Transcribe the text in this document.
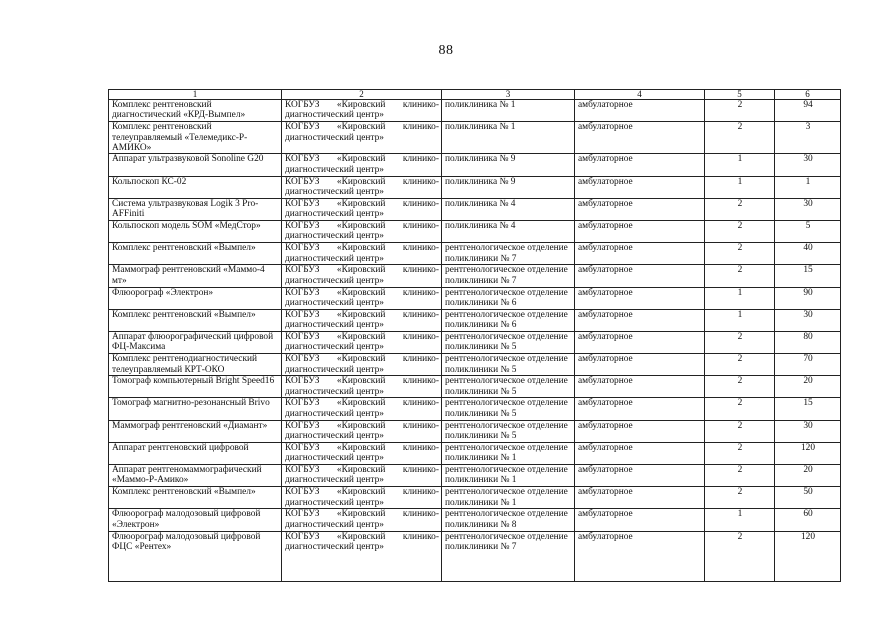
88
1	2	3	4	5	6
Комплекс рентгеновский диагностический «КРД-Вымпел»	КОГБУЗ «Кировский клинико-диагностический центр»	поликлиника № 1	амбулаторное	2	94
Комплекс рентгеновский телеуправляемый «Телемедикс-Р-АМИКО»	КОГБУЗ «Кировский клинико-диагностический центр»	поликлиника № 1	амбулаторное	2	3
Аппарат ультразвуковой Sonoline G20	КОГБУЗ «Кировский клинико-диагностический центр»	поликлиника № 9	амбулаторное	1	30
Кольпоскоп КС-02	КОГБУЗ «Кировский клинико-диагностический центр»	поликлиника № 9	амбулаторное	1	1
Система ультразвуковая Logik 3 Pro-AFFiniti	КОГБУЗ «Кировский клинико-диагностический центр»	поликлиника № 4	амбулаторное	2	30
Кольпоскоп модель SOM «МедСтор»	КОГБУЗ «Кировский клинико-диагностический центр»	поликлиника № 4	амбулаторное	2	5
Комплекс рентгеновский «Вымпел»	КОГБУЗ «Кировский клинико-диагностический центр»	рентгенологическое отделение поликлиники № 7	амбулаторное	2	40
Маммограф рентгеновский «Маммо-4 мт»	КОГБУЗ «Кировский клинико-диагностический центр»	рентгенологическое отделение поликлиники № 7	амбулаторное	2	15
Флюорограф «Электрон»	КОГБУЗ «Кировский клинико-диагностический центр»	рентгенологическое отделение поликлиники № 6	амбулаторное	1	90
Комплекс рентгеновский «Вымпел»	КОГБУЗ «Кировский клинико-диагностический центр»	рентгенологическое отделение поликлиники № 6	амбулаторное	1	30
Аппарат флюорографический цифровой ФЦ-Максима	КОГБУЗ «Кировский клинико-диагностический центр»	рентгенологическое отделение поликлиники № 5	амбулаторное	2	80
Комплекс рентгенодиагностический телеуправляемый КРТ-ОКО	КОГБУЗ «Кировский клинико-диагностический центр»	рентгенологическое отделение поликлиники № 5	амбулаторное	2	70
Томограф компьютерный Bright Speed16	КОГБУЗ «Кировский клинико-диагностический центр»	рентгенологическое отделение поликлиники № 5	амбулаторное	2	20
Томограф магнитно-резонансный Brivo	КОГБУЗ «Кировский клинико-диагностический центр»	рентгенологическое отделение поликлиники № 5	амбулаторное	2	15
Маммограф рентгеновский «Диамант»	КОГБУЗ «Кировский клинико-диагностический центр»	рентгенологическое отделение поликлиники № 5	амбулаторное	2	30
Аппарат рентгеновский цифровой	КОГБУЗ «Кировский клинико-диагностический центр»	рентгенологическое отделение поликлиники № 1	амбулаторное	2	120
Аппарат рентгеномаммографический «Маммо-Р-Амико»	КОГБУЗ «Кировский клинико-диагностический центр»	рентгенологическое отделение поликлиники № 1	амбулаторное	2	20
Комплекс рентгеновский «Вымпел»	КОГБУЗ «Кировский клинико-диагностический центр»	рентгенологическое отделение поликлиники № 1	амбулаторное	2	50
Флюорограф малодозовый цифровой «Электрон»	КОГБУЗ «Кировский клинико-диагностический центр»	рентгенологическое отделение поликлиники № 8	амбулаторное	1	60
Флюорограф малодозовый цифровой ФЦС «Рентех»	КОГБУЗ «Кировский клинико-диагностический центр»	рентгенологическое отделение поликлиники № 7	амбулаторное	2	120
